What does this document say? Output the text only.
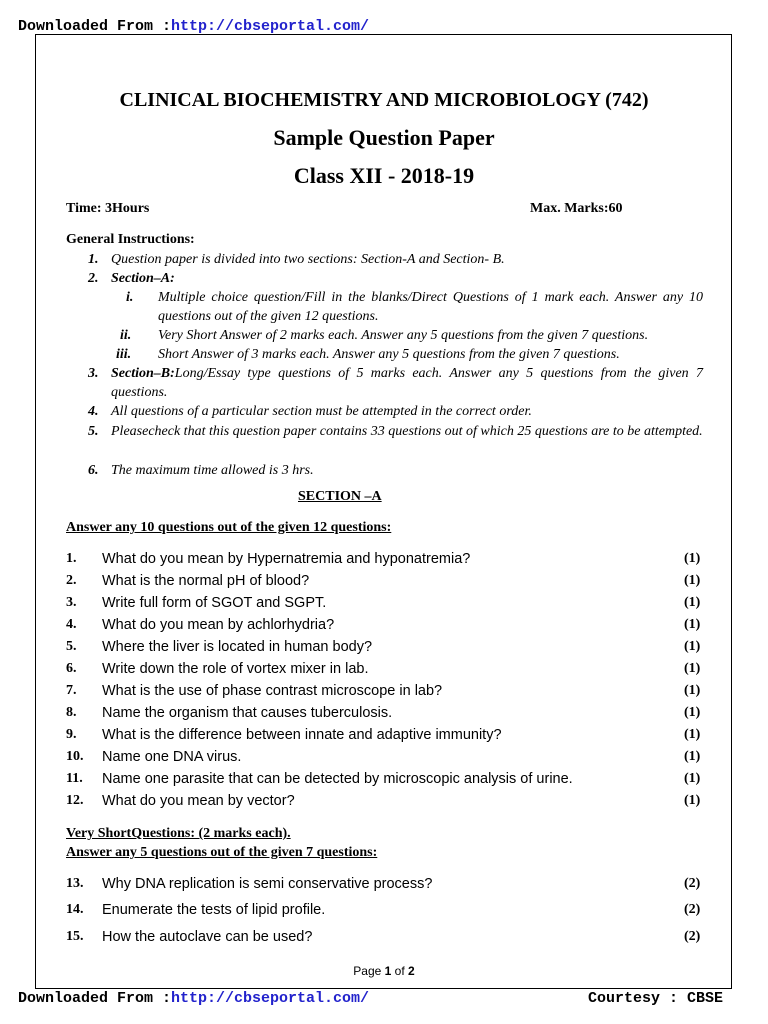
Downloaded From :http://cbseportal.com/
CLINICAL BIOCHEMISTRY AND MICROBIOLOGY (742)
Sample Question Paper
Class XII - 2018-19
Time: 3Hours	Max. Marks:60
General Instructions:
1. Question paper is divided into two sections: Section-A and Section- B.
2. Section–A:
i. Multiple choice question/Fill in the blanks/Direct Questions of 1 mark each. Answer any 10 questions out of the given 12 questions.
ii. Very Short Answer of 2 marks each. Answer any 5 questions from the given 7 questions.
iii. Short Answer of 3 marks each. Answer any 5 questions from the given 7 questions.
3. Section–B:Long/Essay type questions of 5 marks each. Answer any 5 questions from the given 7 questions.
4. All questions of a particular section must be attempted in the correct order.
5. Pleasecheck that this question paper contains 33 questions out of which 25 questions are to be attempted.
6. The maximum time allowed is 3 hrs.
SECTION –A
Answer any 10 questions out of the given 12 questions:
1. What do you mean by Hypernatremia and hyponatremia?	(1)
2. What is the normal pH of blood?	(1)
3. Write full form of SGOT and SGPT.	(1)
4. What do you mean by achlorhydria?	(1)
5. Where the liver is located in human body?	(1)
6. Write down the role of vortex mixer in lab.	(1)
7. What is the use of phase contrast microscope in lab?	(1)
8. Name the organism that causes tuberculosis.	(1)
9. What is the difference between innate and adaptive immunity?	(1)
10. Name one DNA virus.	(1)
11. Name one parasite that can be detected by microscopic analysis of urine.	(1)
12. What do you mean by vector?	(1)
Very ShortQuestions: (2 marks each).
Answer any 5 questions out of the given 7 questions:
13. Why DNA replication is semi conservative process?	(2)
14. Enumerate the tests of lipid profile.	(2)
15. How the autoclave can be used?	(2)
Page 1 of 2
Downloaded From :http://cbseportal.com/	Courtesy : CBSE
